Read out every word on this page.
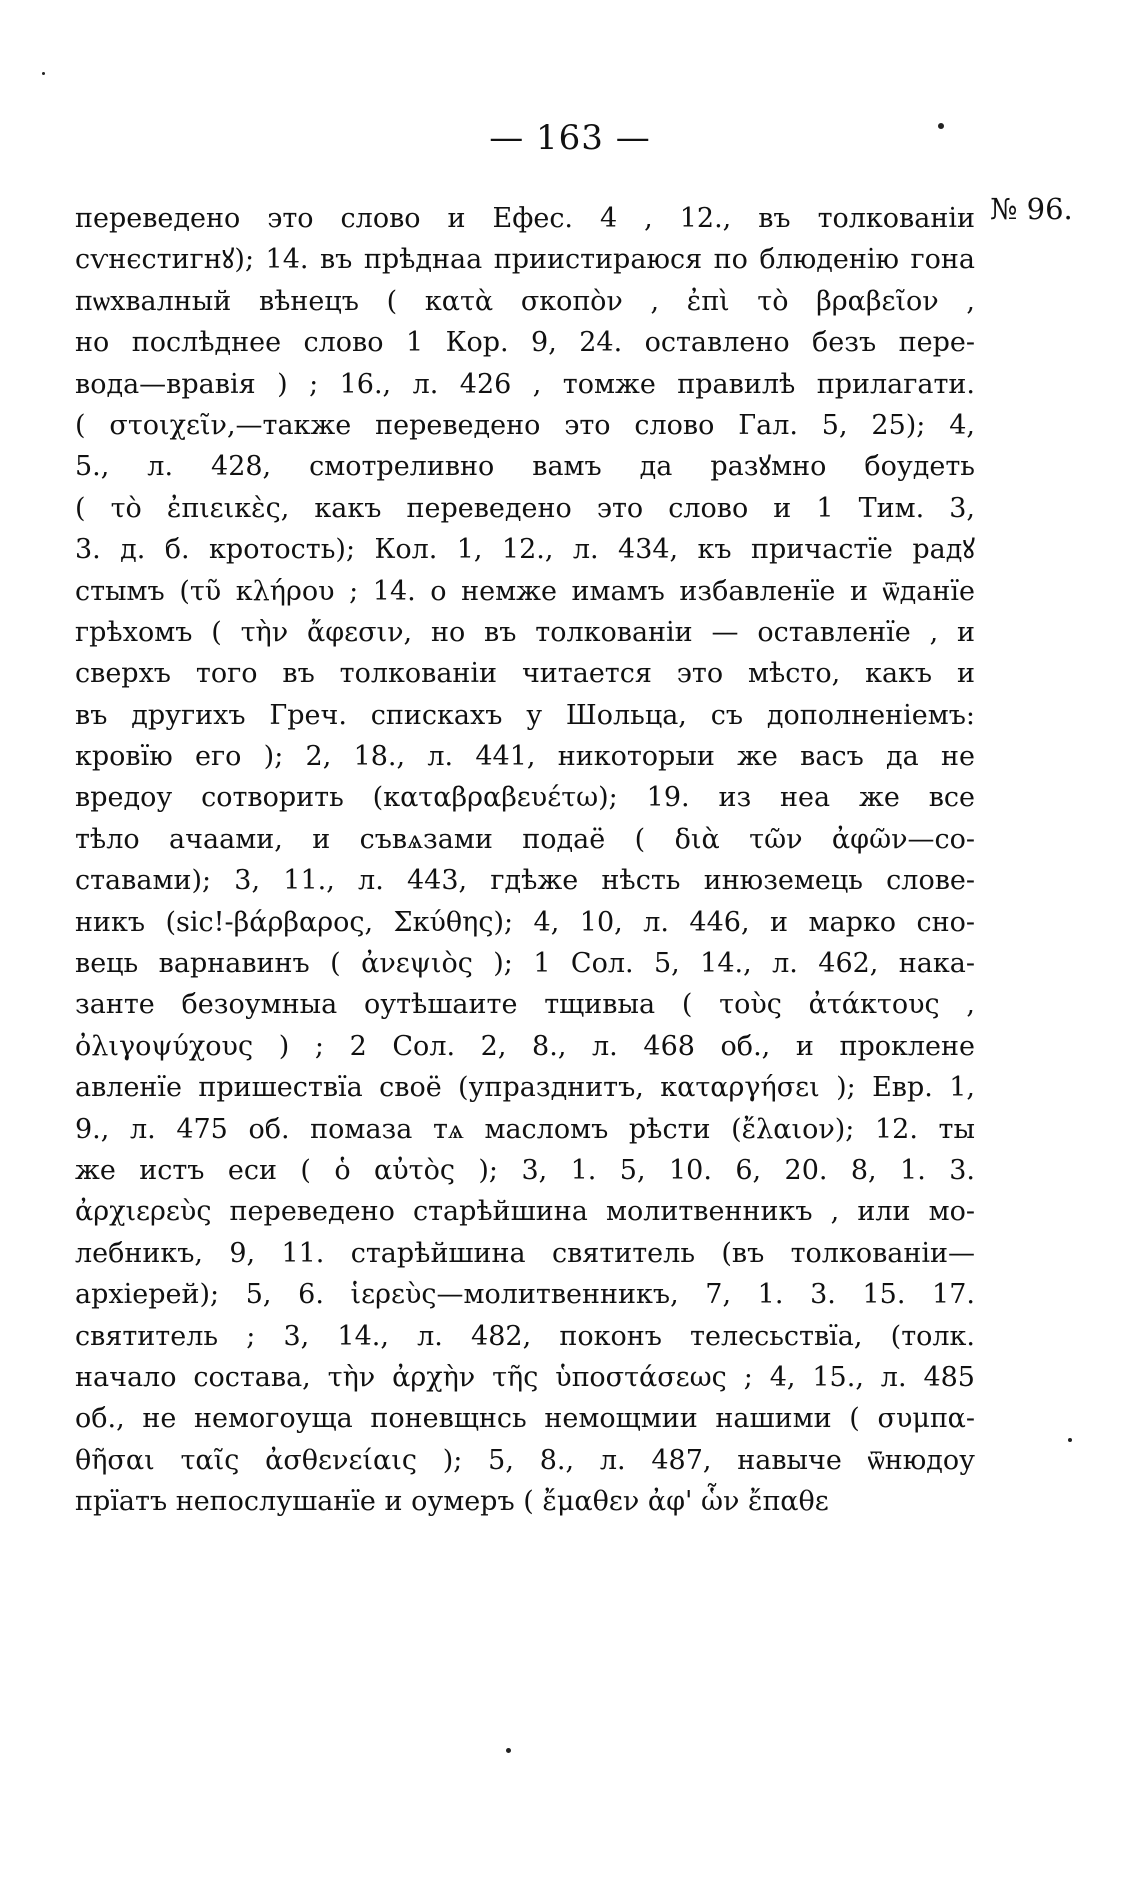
— 163 —
№ 96.
переведено это слово и Ефес. 4 , 12., въ толкованіи
сѵнєстигнꙋ); 14. въ прѣднаа приистираюся по блюденію гона
пѡхвалный вѣнецъ ( κατὰ σκοπὸν , ἐπὶ τὸ βραβεῖον ,
но послѣднее слово 1 Кор. 9, 24. оставлено безъ пере-
вода—вравія ) ; 16., л. 426 , томже правилѣ прилагати.
( στοιχεῖν,—также переведено это слово Гал. 5, 25); 4,
5., л. 428, смотреливно вамъ да разꙋмно боудеть
( τὸ ἐπιεικὲς, какъ переведено это слово и 1 Тим. 3,
3. д. б. кротость); Кол. 1, 12., л. 434, къ причастїе радꙋ
стымъ (τῦ κλήρου ; 14. о немже имамъ избавленїе и ѿданїе
грѣхомъ ( τὴν ἄφεσιν, но въ толкованіи — оставленїе , и
сверхъ того въ толкованіи читается это мѣсто, какъ и
въ другихъ Греч. спискахъ у Шольца, съ дополненіемъ:
кровїю его ); 2, 18., л. 441, никоторыи же васъ да не
вредоу сотворить (καταβραβευέτω); 19. из неа же все
тѣло ачаами, и съвѧзами подаё ( διὰ τῶν ἀφῶν—со-
ставами); 3, 11., л. 443, гдѣже нѣсть инюземець слове-
никъ (sic!-βάρβαρος, Σκύθης); 4, 10, л. 446, и марко сно-
вець варнавинъ ( ἀνεψιὸς ); 1 Сол. 5, 14., л. 462, нака-
занте безоумныа оутѣшаите тщивыа ( τοὺς ἀτάκτους ,
ὀλιγοψύχους ) ; 2 Сол. 2, 8., л. 468 об., и проклене
авленїе пришествїа своё (упразднитъ, καταργήσει ); Евр. 1,
9., л. 475 об. помаза тѧ масломъ рѣсти (ἔλαιον); 12. ты
же истъ еси ( ὁ αὐτὸς ); 3, 1. 5, 10. 6, 20. 8, 1. 3.
ἀρχιερεὺς переведено старѣйшина молитвенникъ , или мо-
лебникъ, 9, 11. старѣйшина святитель (въ толкованіи—
архіерей); 5, 6. ἱερεὺς—молитвенникъ, 7, 1. 3. 15. 17.
святитель ; 3, 14., л. 482, поконъ телесьствїа, (толк.
начало состава, τὴν ἀρχὴν τῆς ὑποστάσεως ; 4, 15., л. 485
об., не немогоуща поневщнсь немощмии нашими ( συμπα-
θῆσαι ταῖς ἀσθενείαις ); 5, 8., л. 487, навыче ѿнюдоу
прїатъ непослушанїе и оумеръ ( ἔμαθεν ἀφ' ὧν ἔπαθε
